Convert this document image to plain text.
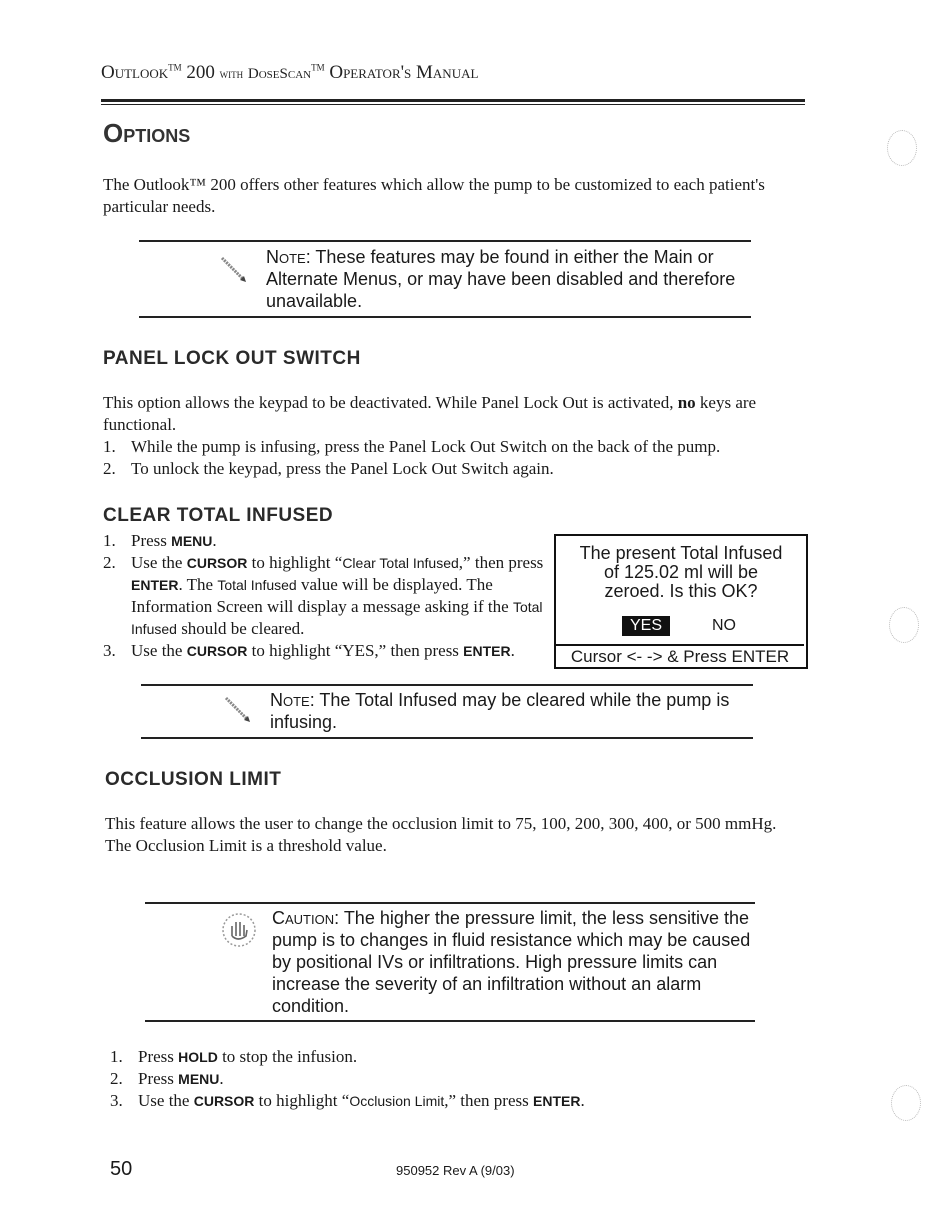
Outlook™ 200 with DoseScan™ Operator's Manual
Options
The Outlook™ 200 offers other features which allow the pump to be customized to each patient's particular needs.
Note: These features may be found in either the Main or Alternate Menus, or may have been disabled and therefore unavailable.
PANEL LOCK OUT SWITCH
This option allows the keypad to be deactivated. While Panel Lock Out is activated, no keys are functional.
1. While the pump is infusing, press the Panel Lock Out Switch on the back of the pump.
2. To unlock the keypad, press the Panel Lock Out Switch again.
CLEAR TOTAL INFUSED
1. Press MENU.
2. Use the CURSOR to highlight “Clear Total Infused,” then press ENTER. The Total Infused value will be displayed. The Information Screen will display a message asking if the Total Infused should be cleared.
3. Use the CURSOR to highlight “YES,” then press ENTER.
The present Total Infused
of 125.02 ml will be
zeroed. Is this OK?
YES	NO
Cursor <- -> & Press ENTER
Note: The Total Infused may be cleared while the pump is infusing.
OCCLUSION LIMIT
This feature allows the user to change the occlusion limit to 75, 100, 200, 300, 400, or 500 mmHg. The Occlusion Limit is a threshold value.
Caution: The higher the pressure limit, the less sensitive the pump is to changes in fluid resistance which may be caused by positional IVs or infiltrations. High pressure limits can increase the severity of an infiltration without an alarm condition.
1. Press HOLD to stop the infusion.
2. Press MENU.
3. Use the CURSOR to highlight “Occlusion Limit,” then press ENTER.
50	950952 Rev A (9/03)
